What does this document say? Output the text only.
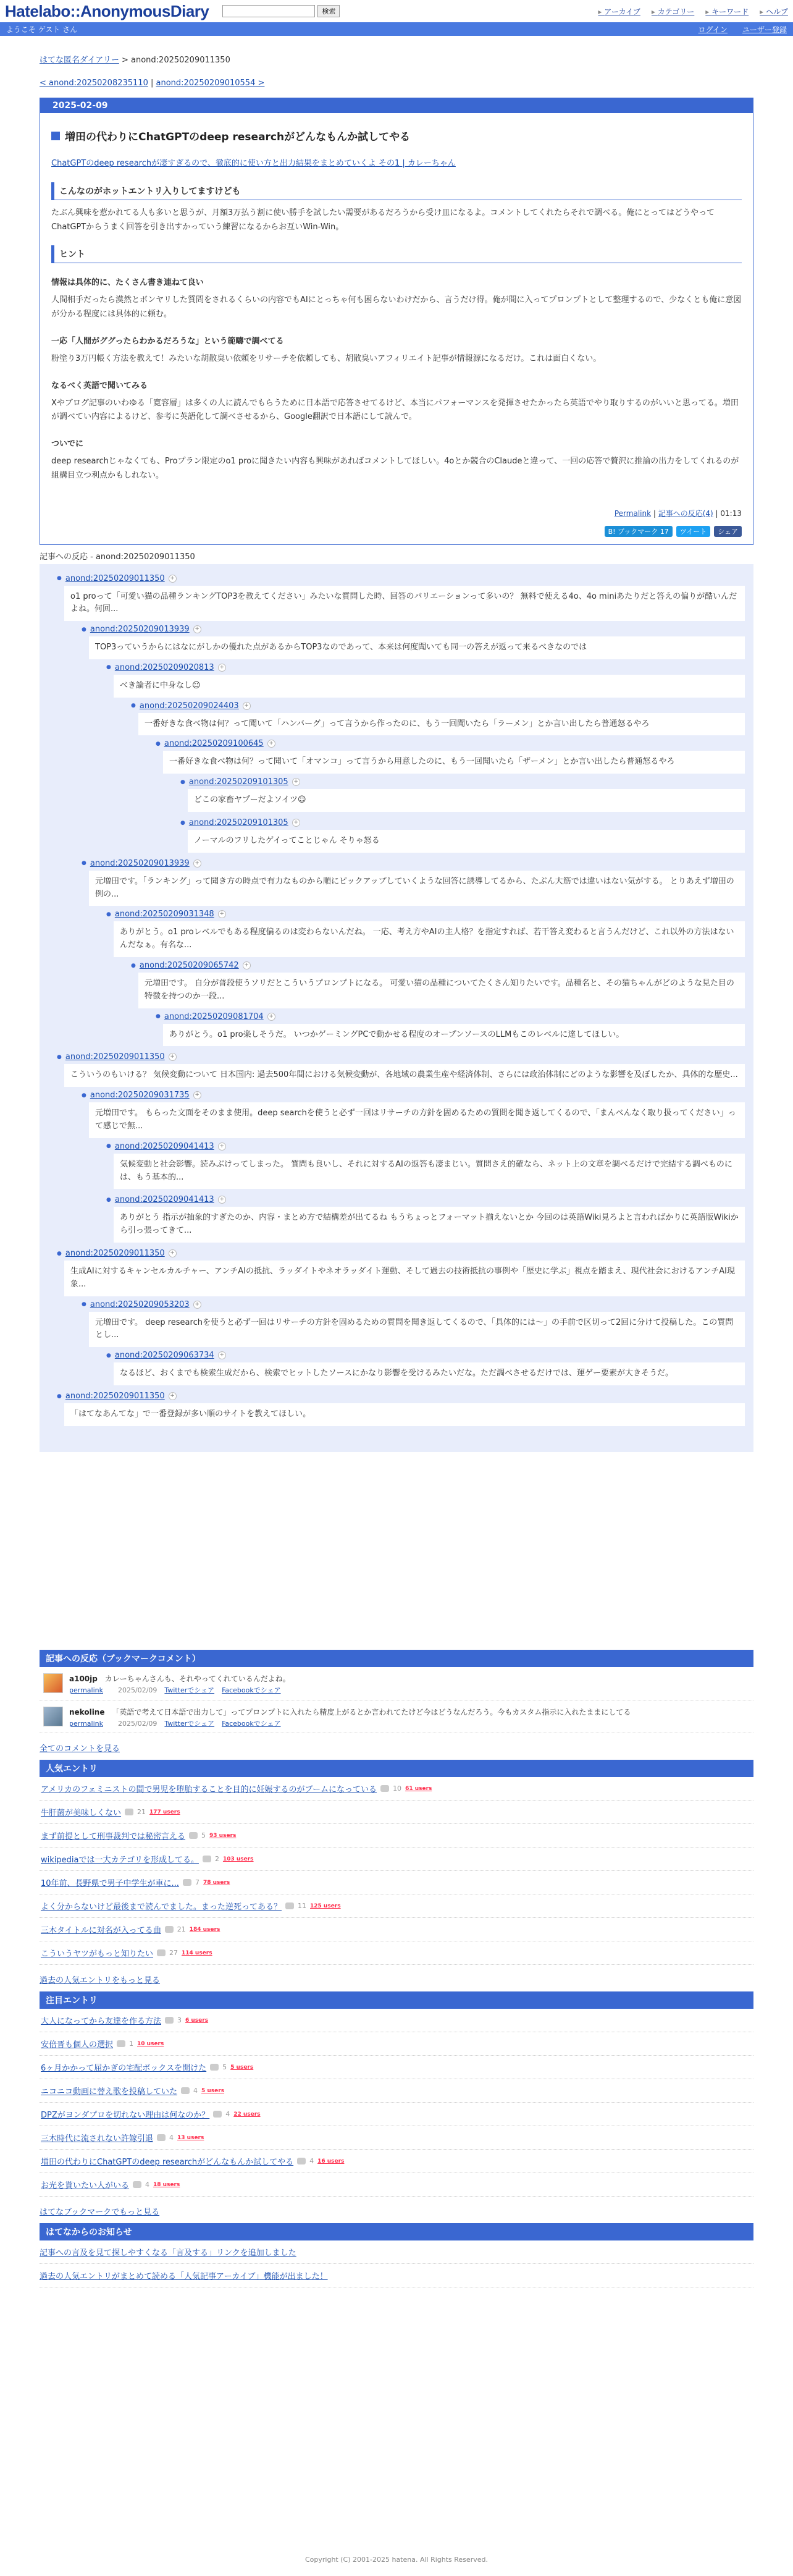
Hatelabo::AnonymousDiary	検索	▸ アーカイブ	▸ カテゴリー	▸ キーワード	▸ ヘルプ
ようこそ ゲスト さん	ログイン ユーザー登録
はてな匿名ダイアリー > anond:20250209011350
< anond:20250208235110 | anond:20250209010554 >
2025-02-09
増田の代わりにChatGPTのdeep researchがどんなもんか試してやる

ChatGPTのdeep researchが凄すぎるので、徹底的に使い方と出力結果をまとめていくよ その1 | カレーちゃん

こんなのがホットエントリ入りしてますけども

たぶん興味を惹かれてる人も多いと思うが、月額3万払う割に使い勝手を試したい需要があるだろうから受け皿になるよ。コメントしてくれたらそれで調べる。俺にとってはどうやってChatGPTからうまく回答を引き出すかっていう練習になるからお互いWin-Win。

ヒント
情報は具体的に、たくさん書き連ねて良い

人間相手だったら漠然とボンヤリした質問をされるくらいの内容でもAIにとっちゃ何も困らないわけだから、言うだけ得。俺が間に入ってプロンプトとして整理するので、少なくとも俺に意図が分かる程度には具体的に頼む。

一応「人間がググったらわかるだろうな」という範疇で調べてる

粉塗り3万円帳く方法を教えて！みたいな胡散臭い依頼をリサーチを依頼しても、胡散臭いアフィリエイト記事が情報源になるだけ。これは面白くない。

なるべく英語で聞いてみる

Xやブログ記事のいわゆる「寛容層」は多くの人に読んでもらうために日本語で応答させてるけど、本当にパフォーマンスを発揮させたかったら英語でやり取りするのがいいと思ってる。増田が調べてい内容によるけど、参考に英語化して調べさせるから、Google翻訳で日本語にして読んで。

ついでに

deep researchじゃなくても、Proプラン限定のo1 proに聞きたい内容も興味があればコメントしてほしい。4oとか競合のClaudeと違って、一回の応答で贅沢に推論の出力をしてくれるのが組構目立つ利点かもしれない。

Permalink | 記事への反応(4) | 01:13
B! ブックマーク 17	ツイート	シェア
記事への反応 - anond:20250209011350
● anond:20250209011350 +
o1 proって「可愛い猫の品種ランキングTOP3を教えてください」みたいな質問した時、回答のバリエーションって多いの？ 無料で使える4o、4o miniあたりだと答えの偏りが酷いんだよね。何回...
● anond:20250209013939 +
TOP3っていうからにはなにがしかの優れた点があるからTOP3なのであって、本来は何度聞いても同一の答えが返って来るべきなのでは
● anond:20250209020813 +
べき論者に中身なし☺
● anond:20250209024403 +
一番好きな食べ物は何？って聞いて「ハンバーグ」って言うから作ったのに、もう一回聞いたら「ラーメン」とか言い出したら普通怒るやろ
● anond:20250209100645 +
一番好きな食べ物は何？って聞いて「オマンコ」って言うから用意したのに、もう一回聞いたら「ザーメン」とか言い出したら普通怒るやろ
● anond:20250209101305 +
どこの家畜ヤプーだよソイツ☺
● anond:20250209101305 +
ノーマルのフリしたゲイってことじゃん そりゃ怒る
● anond:20250209013939 +
元増田です。「ランキング」って聞き方の時点で有力なものから順にピックアップしていくような回答に誘導してるから、たぶん大筋では違いはない気がする。 とりあえず増田の例の...
● anond:20250209031348 +
ありがとう。o1 proレベルでもある程度偏るのは変わらないんだね。 一応、考え方やAIの主人格？を指定すれば、若干答え変わると言うんだけど、これ以外の方法はないんだなぁ。有名な...
● anond:20250209065742 +
元増田です。 自分が普段使うソリだとこういうプロンプトになる。 可愛い猫の品種についてたくさん知りたいです。品種名と、その猫ちゃんがどのような見た目の特徴を持つのか一段...
● anond:20250209081704 +
ありがとう。o1 pro楽しそうだ。 いつかゲーミングPCで動かせる程度のオープンソースのLLMもこのレベルに達してほしい。
● anond:20250209011350 +
こういうのもいける？ 気候変動について 日本国内: 過去500年間における気候変動が、各地域の農業生産や経済体制、さらには政治体制にどのような影響を及ぼしたか、具体的な歴史...
● anond:20250209031735 +
元増田です。 もらった文面をそのまま使用。deep searchを使うと必ず一回はリサーチの方針を固めるための質問を聞き返してくるので、「まんべんなく取り扱ってください」って感じで無...
● anond:20250209041413 +
気候変動と社会影響。読みぶけってしまった。 質問も良いし、それに対するAIの返答も凄まじい。質問さえ的確なら、ネット上の文章を調べるだけで完結する調べものには、もう基本的...
● anond:20250209041413 +
ありがとう 指示が抽象的すぎたのか、内容・まとめ方で結構差が出てるね もうちょっとフォーマット揃えないとか 今回のは英語Wiki見ろよと言わればかりに英語版Wikiから引っ張ってきて...
● anond:20250209011350 +
生成AIに対するキャンセルカルチャー、アンチAIの抵抗、ラッダイトやネオラッダイト運動、そして過去の技術抵抗の事例や「歴史に学ぶ」視点を踏まえ、現代社会におけるアンチAI現象...
● anond:20250209053203 +
元増田です。 deep researchを使うと必ず一回はリサーチの方針を固めるための質問を聞き返してくるので、「具体的には～」の手前で区切って2回に分けて投稿した。この質問とし...
● anond:20250209063734 +
なるほど、おくまでも検索生成だから、検索でヒットしたソースにかなり影響を受けるみたいだな。ただ調べさせるだけでは、運ゲー要素が大きそうだ。
● anond:20250209011350 +
「はてなあんてな」で一番登録が多い順のサイトを教えてほしい。
記事への反応（ブックマークコメント）
a100jp カレーちゃんさんも、それやってくれているんだよね。
permalink 2025/02/09 Twitterでシェア Facebookでシェア
nekoline 「英語で考えて日本語で出力して」ってプロンプトに入れたら精度上がるとか言われてたけど今はどうなんだろう。今もカスタム指示に入れたままにしてる
permalink 2025/02/09 Twitterでシェア Facebookでシェア
全てのコメントを見る
人気エントリ
アメリカのフェミニストの間で男児を堕胎することを目的に妊娠するのがブームになっている 10 61 users
牛肝菌が美味しくない 21 177 users
まず前提として刑事裁判では秘密言える 5 93 users
wikipediaでは一大カテゴリを形成してる。 2 103 users
10年前、長野県で男子中学生が車に... 7 78 users
よく分からないけど最後まで読んでました。まった逆死ってある？ 11 125 users
三木タイトルに対名が入ってる曲 21 184 users
こういうヤツがもっと知りたい 27 114 users
過去の人気エントリをもっと見る
注目エントリ
大人になってから友達を作る方法 3 6 users
安倍晋も個人の選択 1 10 users
6ヶ月かかって屈かぎの宅配ボックスを開けた 5 5 users
ニコニコ動画に替え歌を投稿していた 4 5 users
DPZがヨンダプロを切れない理由は何なのか？ 4 22 users
三木時代に流されない許嫁引退 4 13 users
増田の代わりにChatGPTのdeep researchがどんなもんか試してやる 4 16 users
お光を貰いたい人がいる 4 18 users
はてなブックマークでもっと見る
はてなからのお知らせ
記事への言及を見て探しやすくなる「言及する」リンクを追加しました
過去の人気エントリがまとめて読める「人気記事アーカイブ」機能が出ました！
Copyright (C) 2001-2025 hatena. All Rights Reserved.
